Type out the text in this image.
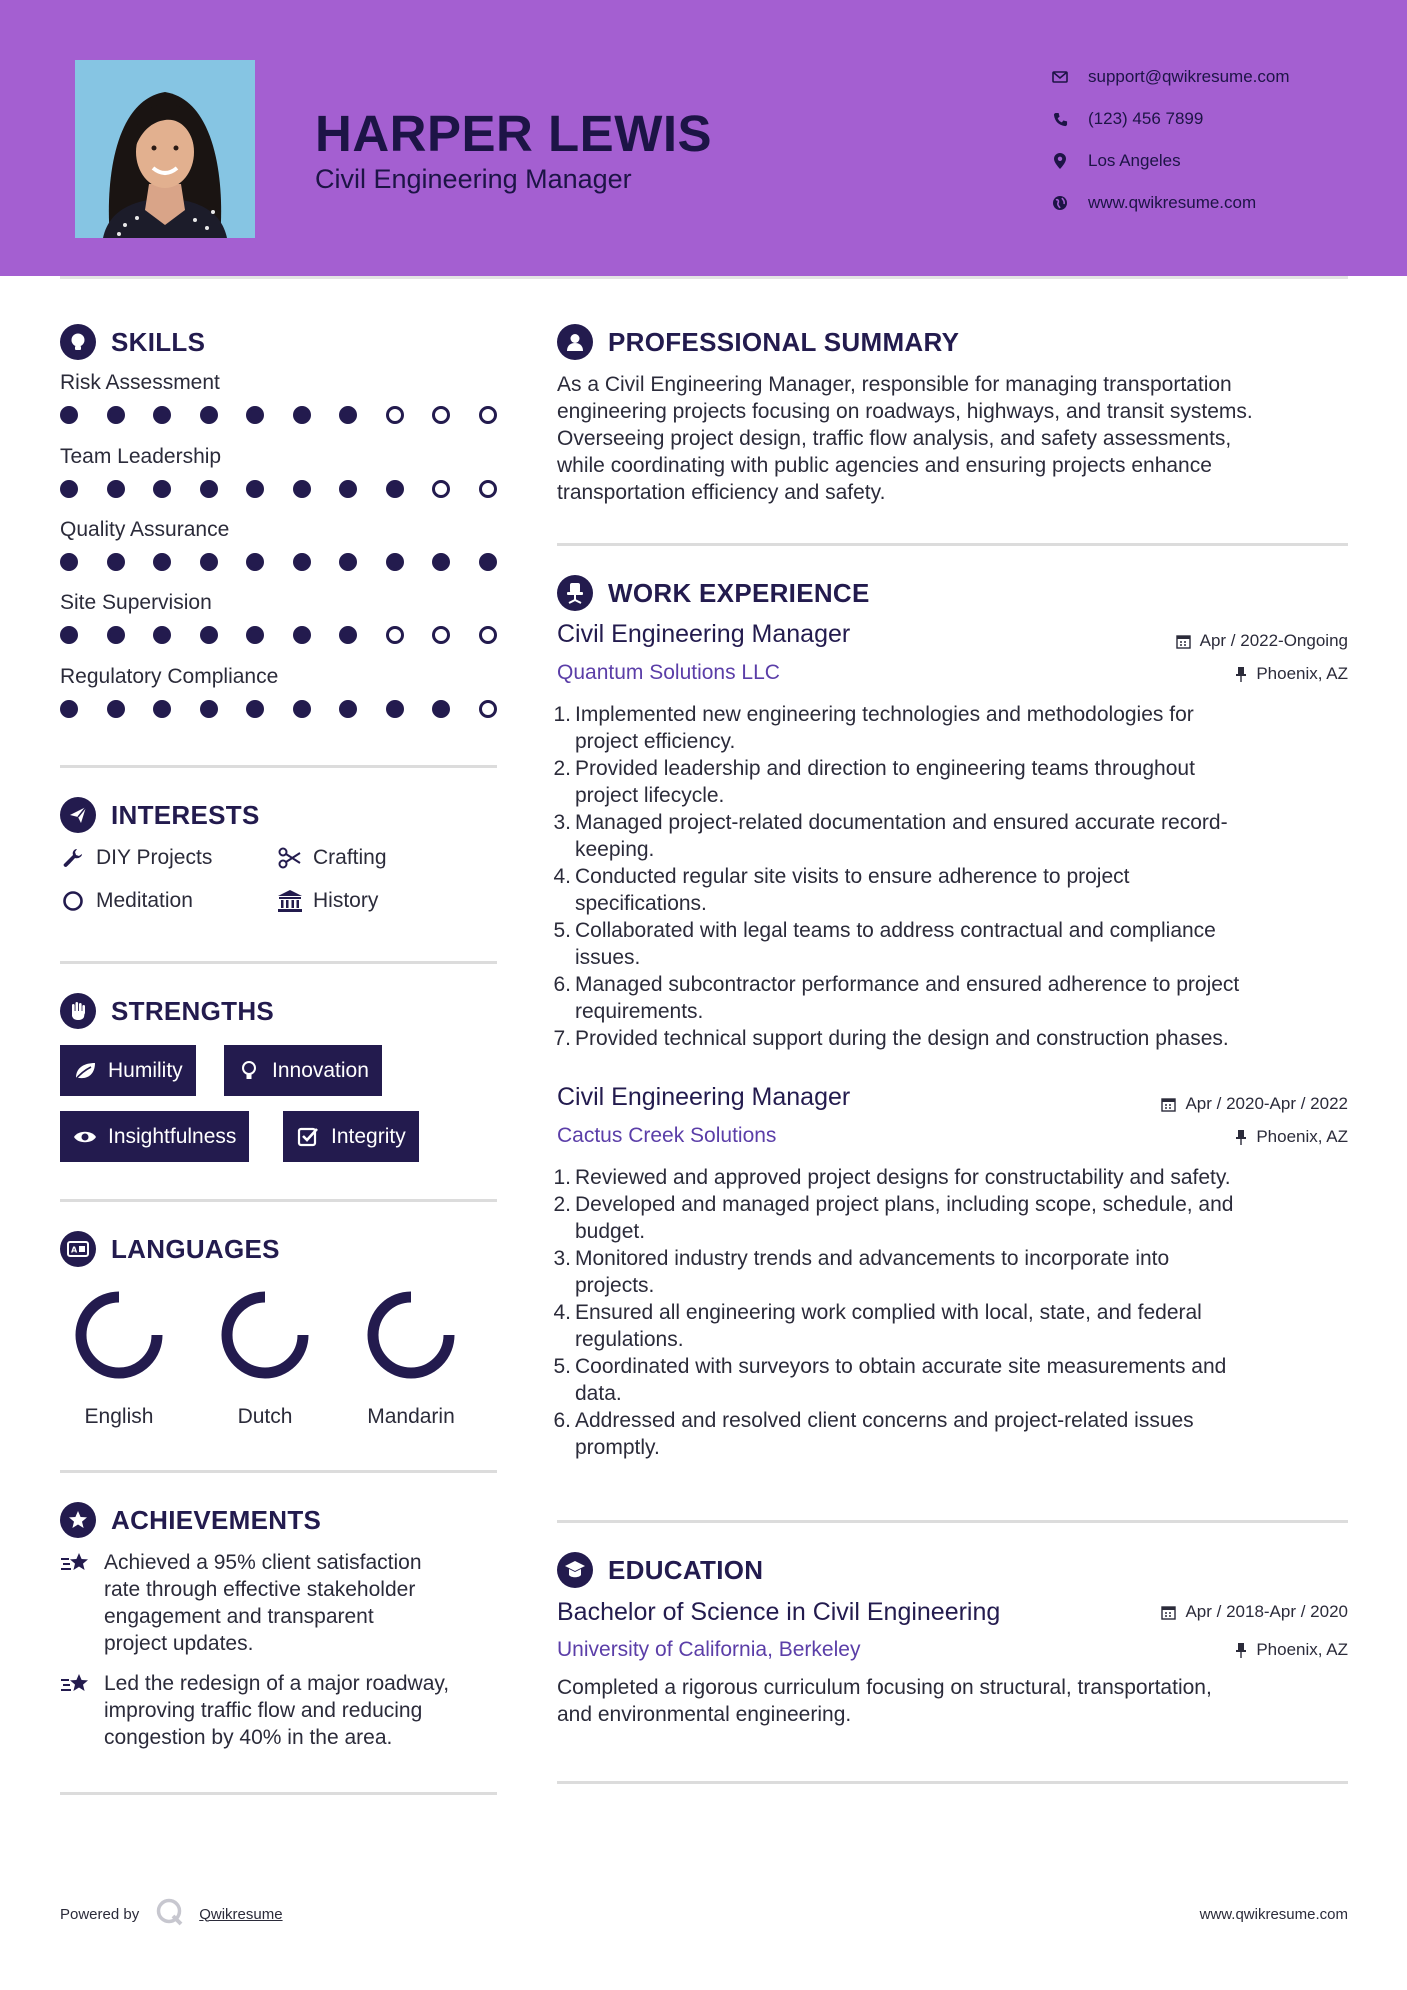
HARPER LEWIS
Civil Engineering Manager
support@qwikresume.com
(123) 456 7899
Los Angeles
www.qwikresume.com
SKILLS
Risk Assessment
Team Leadership
Quality Assurance
Site Supervision
Regulatory Compliance
INTERESTS
DIY Projects	Crafting
Meditation	History
STRENGTHS
Humility	Innovation
Insightfulness	Integrity
A LANGUAGES
English	Dutch	Mandarin
ACHIEVEMENTS
Achieved a 95% client satisfaction
rate through effective stakeholder
engagement and transparent
project updates.
Led the redesign of a major roadway,
improving traffic flow and reducing
congestion by 40% in the area.
PROFESSIONAL SUMMARY
As a Civil Engineering Manager, responsible for managing transportation
engineering projects focusing on roadways, highways, and transit systems.
Overseeing project design, traffic flow analysis, and safety assessments,
while coordinating with public agencies and ensuring projects enhance
transportation efficiency and safety.
WORK EXPERIENCE
Civil Engineering Manager	Apr / 2022-Ongoing
Quantum Solutions LLC	Phoenix, AZ
1. Implemented new engineering technologies and methodologies for
project efficiency.
2. Provided leadership and direction to engineering teams throughout
project lifecycle.
3. Managed project-related documentation and ensured accurate record-
keeping.
4. Conducted regular site visits to ensure adherence to project
specifications.
5. Collaborated with legal teams to address contractual and compliance
issues.
6. Managed subcontractor performance and ensured adherence to project
requirements.
7. Provided technical support during the design and construction phases.
Civil Engineering Manager	Apr / 2020-Apr / 2022
Cactus Creek Solutions	Phoenix, AZ
1. Reviewed and approved project designs for constructability and safety.
2. Developed and managed project plans, including scope, schedule, and
budget.
3. Monitored industry trends and advancements to incorporate into
projects.
4. Ensured all engineering work complied with local, state, and federal
regulations.
5. Coordinated with surveyors to obtain accurate site measurements and
data.
6. Addressed and resolved client concerns and project-related issues
promptly.
EDUCATION
Bachelor of Science in Civil Engineering	Apr / 2018-Apr / 2020
University of California, Berkeley	Phoenix, AZ
Completed a rigorous curriculum focusing on structural, transportation,
and environmental engineering.
Powered by	Qwikresume	www.qwikresume.com
